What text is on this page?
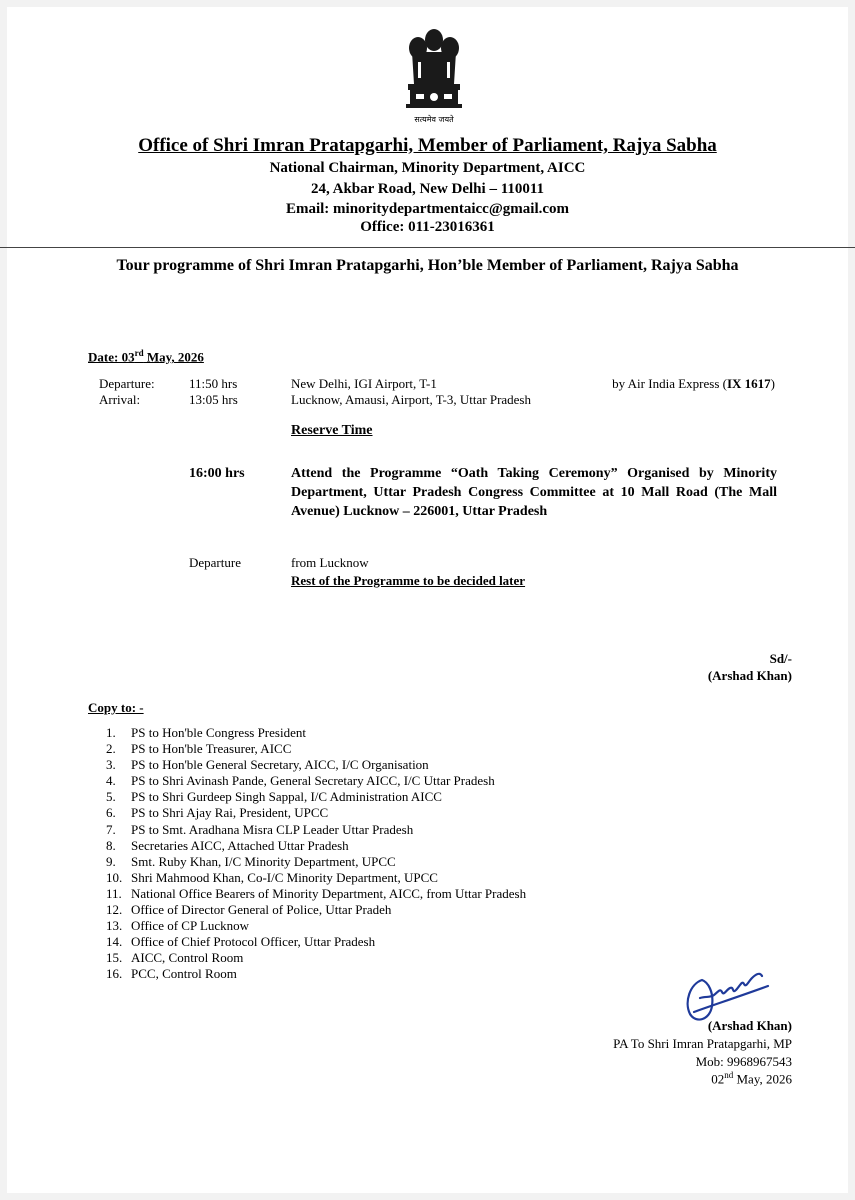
सत्यमेव जयते
Office of Shri Imran Pratapgarhi, Member of Parliament, Rajya Sabha
National Chairman, Minority Department, AICC
24, Akbar Road, New Delhi – 110011
Email: minoritydepartmentaicc@gmail.com
Office: 011-23016361
Tour programme of Shri Imran Pratapgarhi, Hon’ble Member of Parliament, Rajya Sabha
Date: 03rd May, 2026
Departure:	11:50 hrs	New Delhi, IGI Airport, T-1	by Air India Express (IX 1617)
Arrival:	13:05 hrs	Lucknow, Amausi, Airport, T-3, Uttar Pradesh
Reserve Time
16:00 hrs	Attend the Programme “Oath Taking Ceremony” Organised by Minority Department, Uttar Pradesh Congress Committee at 10 Mall Road (The Mall Avenue) Lucknow – 226001, Uttar Pradesh
Departure	from Lucknow
Rest of the Programme to be decided later
Sd/-
(Arshad Khan)
Copy to: -
1. PS to Hon'ble Congress President
2. PS to Hon'ble Treasurer, AICC
3. PS to Hon'ble General Secretary, AICC, I/C Organisation
4. PS to Shri Avinash Pande, General Secretary AICC, I/C Uttar Pradesh
5. PS to Shri Gurdeep Singh Sappal, I/C Administration AICC
6. PS to Shri Ajay Rai, President, UPCC
7. PS to Smt. Aradhana Misra CLP Leader Uttar Pradesh
8. Secretaries AICC, Attached Uttar Pradesh
9. Smt. Ruby Khan, I/C Minority Department, UPCC
10. Shri Mahmood Khan, Co-I/C Minority Department, UPCC
11. National Office Bearers of Minority Department, AICC, from Uttar Pradesh
12. Office of Director General of Police, Uttar Pradeh
13. Office of CP Lucknow
14. Office of Chief Protocol Officer, Uttar Pradesh
15. AICC, Control Room
16. PCC, Control Room	Arshad
(Arshad Khan)
PA To Shri Imran Pratapgarhi, MP
Mob: 9968967543
02nd May, 2026
